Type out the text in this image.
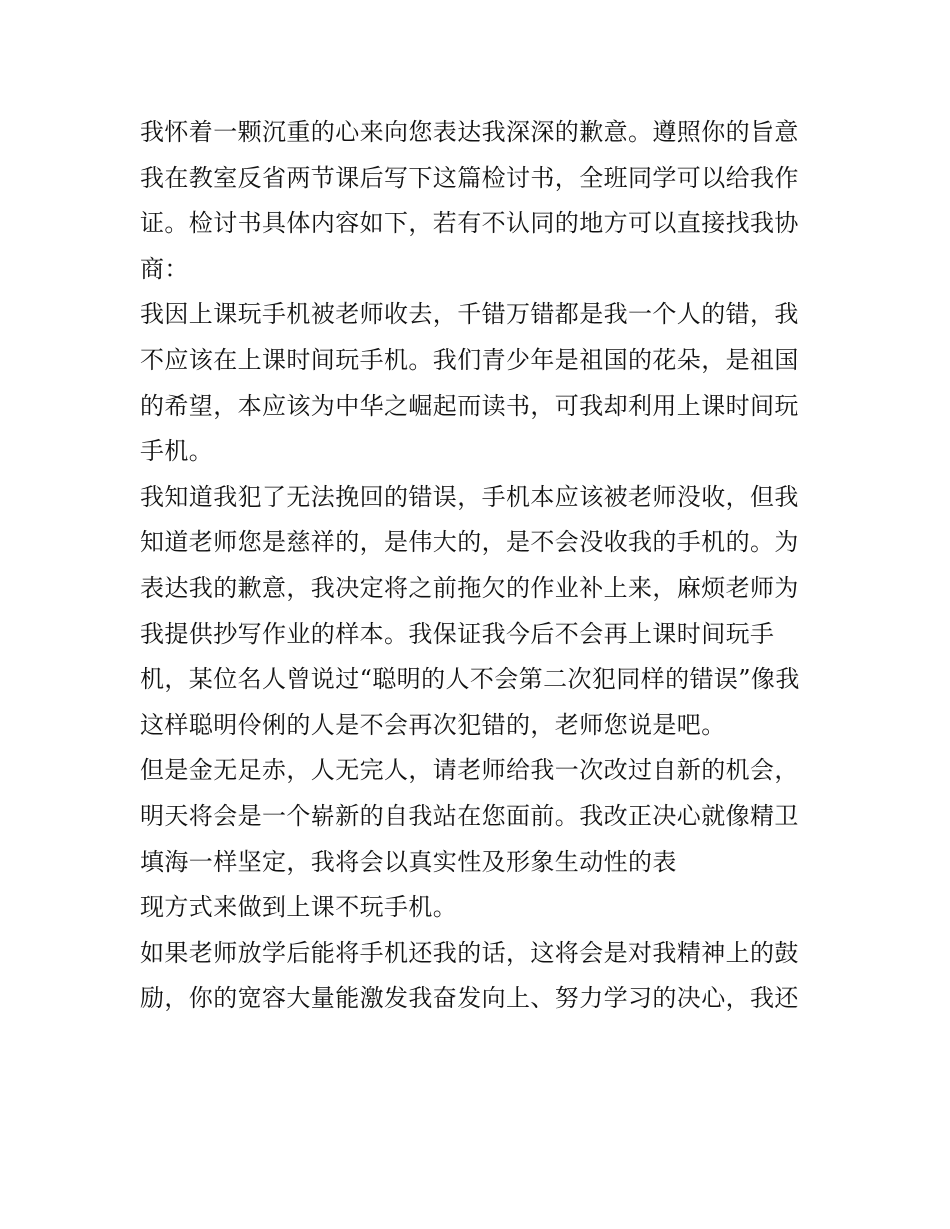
我怀着一颗沉重的心来向您表达我深深的歉意。遵照你的旨意
我在教室反省两节课后写下这篇检讨书，全班同学可以给我作
证。检讨书具体内容如下，若有不认同的地方可以直接找我协
商：
我因上课玩手机被老师收去，千错万错都是我一个人的错，我
不应该在上课时间玩手机。我们青少年是祖国的花朵，是祖国
的希望，本应该为中华之崛起而读书，可我却利用上课时间玩
手机。
我知道我犯了无法挽回的错误，手机本应该被老师没收，但我
知道老师您是慈祥的，是伟大的，是不会没收我的手机的。为
表达我的歉意，我决定将之前拖欠的作业补上来，麻烦老师为
我提供抄写作业的样本。我保证我今后不会再上课时间玩手
机，某位名人曾说过“聪明的人不会第二次犯同样的错误”像我
这样聪明伶俐的人是不会再次犯错的，老师您说是吧。
但是金无足赤，人无完人，请老师给我一次改过自新的机会，
明天将会是一个崭新的自我站在您面前。我改正决心就像精卫
填海一样坚定，我将会以真实性及形象生动性的表
现方式来做到上课不玩手机。
如果老师放学后能将手机还我的话，这将会是对我精神上的鼓
励，你的宽容大量能激发我奋发向上、努力学习的决心，我还
